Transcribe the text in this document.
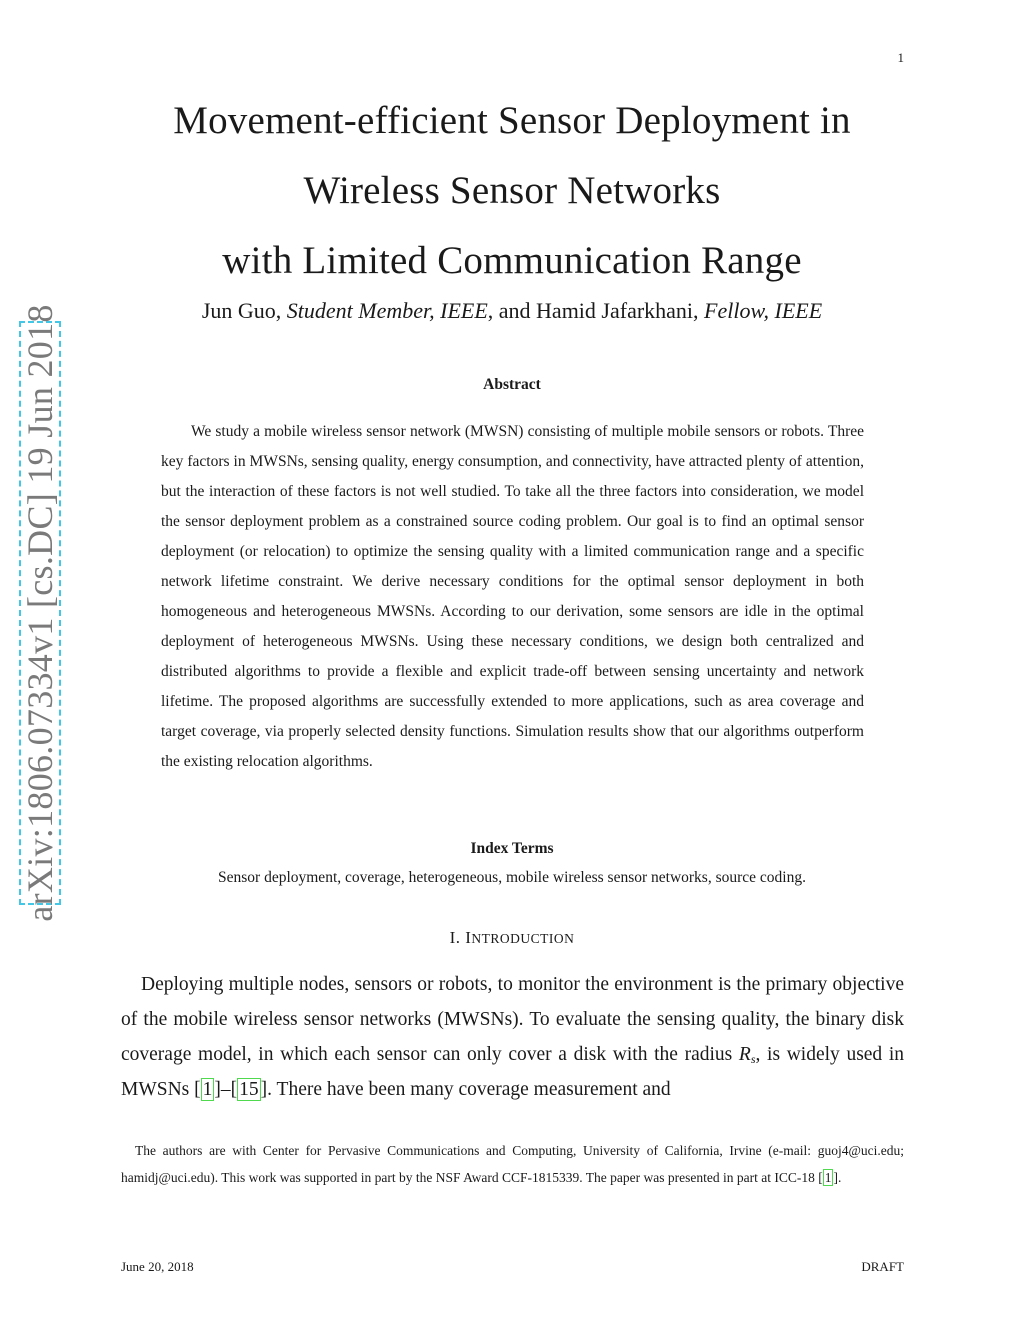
1
arXiv:1806.07334v1 [cs.DC] 19 Jun 2018
Movement-efficient Sensor Deployment in
Wireless Sensor Networks
with Limited Communication Range
Jun Guo, Student Member, IEEE, and Hamid Jafarkhani, Fellow, IEEE
Abstract

We study a mobile wireless sensor network (MWSN) consisting of multiple mobile sensors or robots. Three key factors in MWSNs, sensing quality, energy consumption, and connectivity, have attracted plenty of attention, but the interaction of these factors is not well studied. To take all the three factors into consideration, we model the sensor deployment problem as a constrained source coding problem. Our goal is to find an optimal sensor deployment (or relocation) to optimize the sensing quality with a limited communication range and a specific network lifetime constraint. We derive necessary conditions for the optimal sensor deployment in both homogeneous and heterogeneous MWSNs. According to our derivation, some sensors are idle in the optimal deployment of heterogeneous MWSNs. Using these necessary conditions, we design both centralized and distributed algorithms to provide a flexible and explicit trade-off between sensing uncertainty and network lifetime. The proposed algorithms are successfully extended to more applications, such as area coverage and target coverage, via properly selected density functions. Simulation results show that our algorithms outperform the existing relocation algorithms.

Index Terms
Sensor deployment, coverage, heterogeneous, mobile wireless sensor networks, source coding.
I. INTRODUCTION

Deploying multiple nodes, sensors or robots, to monitor the environment is the primary objective of the mobile wireless sensor networks (MWSNs). To evaluate the sensing quality, the binary disk coverage model, in which each sensor can only cover a disk with the radius $R_s$, is widely used in MWSNs [ 1 ]–[ 15 ]. There have been many coverage measurement and

The authors are with Center for Pervasive Communications and Computing, University of California, Irvine (e-mail: guoj4@uci.edu; hamidj@uci.edu). This work was supported in part by the NSF Award CCF-1815339. The paper was presented in part at ICC-18 [ 1 ].

June 20, 2018	DRAFT
